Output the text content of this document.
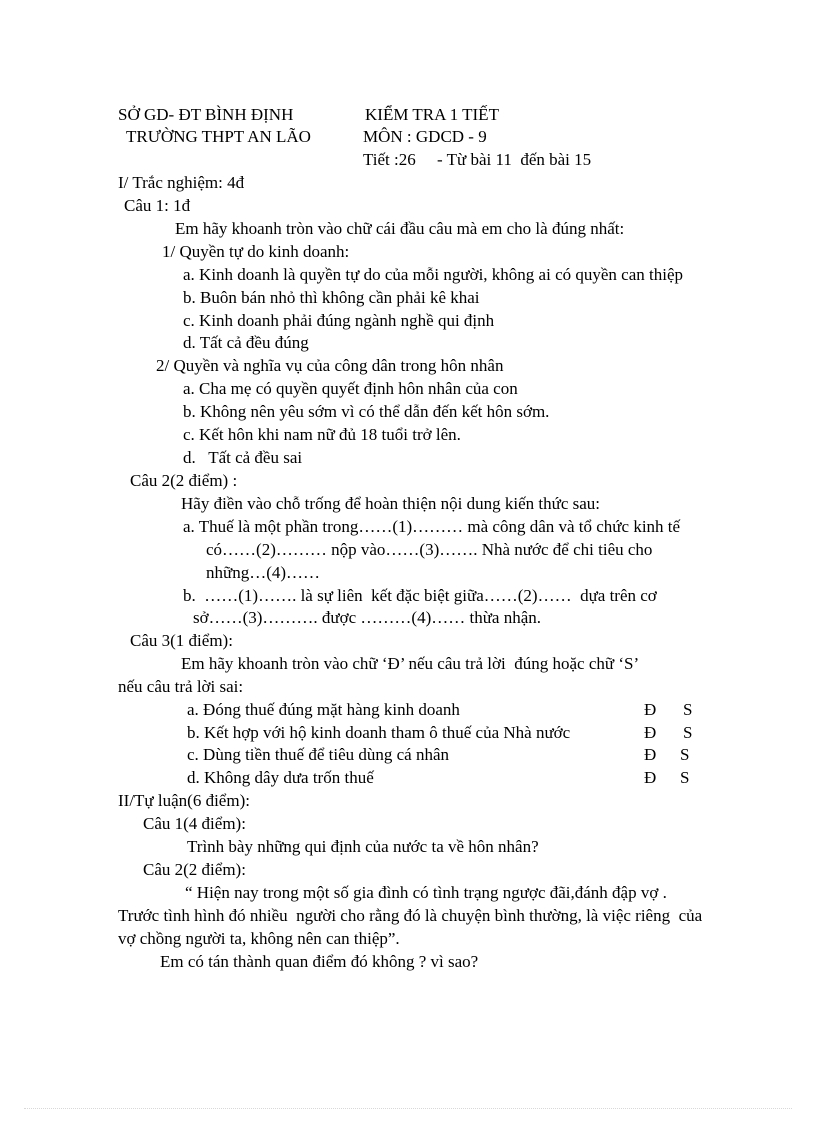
SỞ GD- ĐT BÌNH ĐỊNH
TRƯỜNG THPT AN LÃO
KIỂM TRA 1 TIẾT
MÔN : GDCD - 9
Tiết :26     - Từ bài 11  đến bài 15
I/ Trắc nghiệm: 4đ
Câu 1: 1đ
Em hãy khoanh tròn vào chữ cái đầu câu mà em cho là đúng nhất:
1/ Quyền tự do kinh doanh:
a. Kinh doanh là quyền tự do của mỗi người, không ai có quyền can thiệp
b. Buôn bán nhỏ thì không cần phải kê khai
c. Kinh doanh phải đúng ngành nghề qui định
d. Tất cả đều đúng
2/ Quyền và nghĩa vụ của công dân trong hôn nhân
a. Cha mẹ có quyền quyết định hôn nhân của con
b. Không nên yêu sớm vì có thể dẫn đến kết hôn sớm.
c. Kết hôn khi nam nữ đủ 18 tuổi trở lên.
d.   Tất cả đều sai
Câu 2(2 điểm) :
Hãy điền vào chỗ trống để hoàn thiện nội dung kiến thức sau:
a. Thuế là một phần trong……(1)……… mà công dân và tổ chức kinh tế
có……(2)……… nộp vào……(3)……. Nhà nước để chi tiêu cho
những…(4)……
b.  ……(1)……. là sự liên  kết đặc biệt giữa……(2)……  dựa trên cơ
sở……(3)………. được ………(4)…… thừa nhận.
Câu 3(1 điểm):
Em hãy khoanh tròn vào chữ ‘Đ’ nếu câu trả lời  đúng hoặc chữ ‘S’
nếu câu trả lời sai:
a. Đóng thuế đúng mặt hàng kinh doanh	Đ S
b. Kết hợp với hộ kinh doanh tham ô thuế của Nhà nước	Đ S
c. Dùng tiền thuế để tiêu dùng cá nhân	Đ S
d. Không dây dưa trốn thuế	Đ S
II/Tự luận(6 điểm):
Câu 1(4 điểm):
Trình bày những qui định của nước ta về hôn nhân?
Câu 2(2 điểm):
“ Hiện nay trong một số gia đình có tình trạng ngược đãi,đánh đập vợ .
Trước tình hình đó nhiều  người cho rằng đó là chuyện bình thường, là việc riêng  của
vợ chồng người ta, không nên can thiệp”.
Em có tán thành quan điểm đó không ? vì sao?
